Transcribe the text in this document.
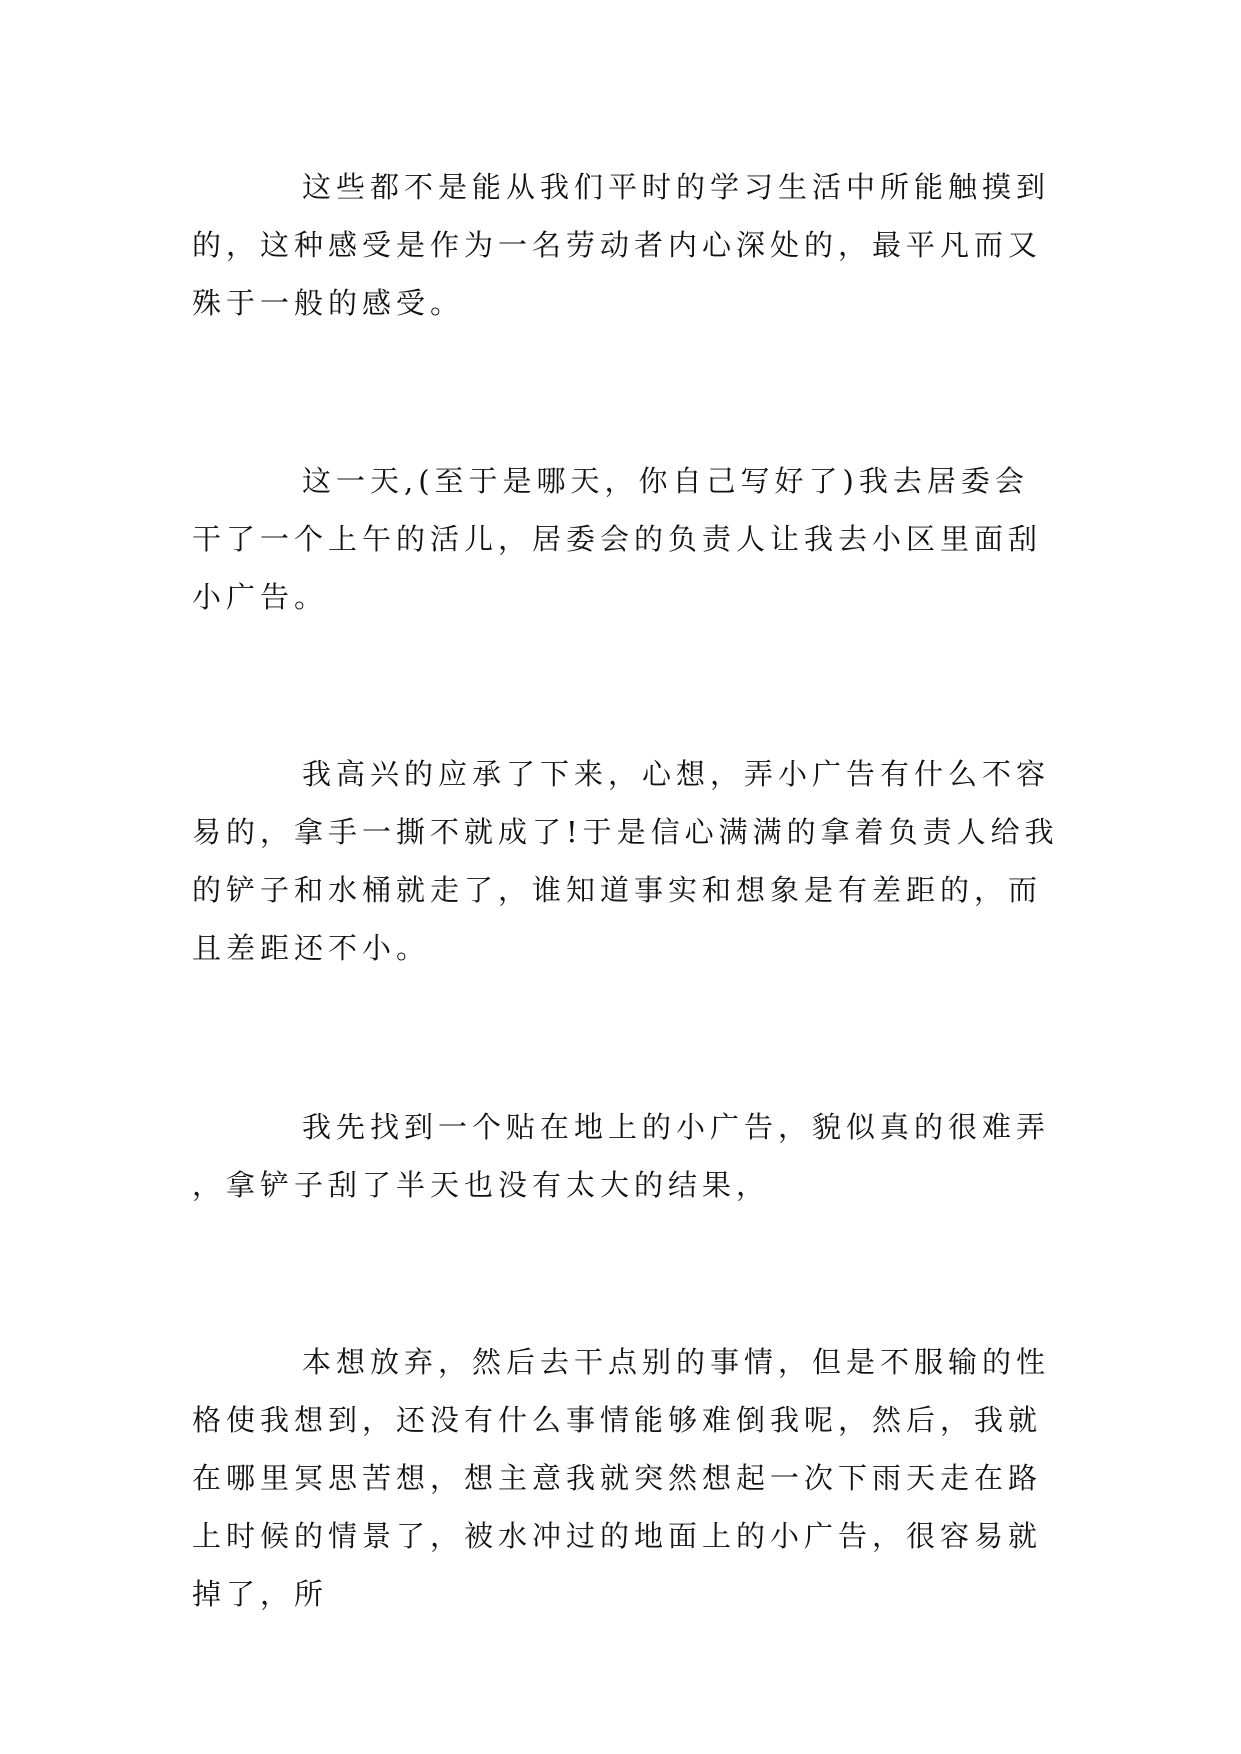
这些都不是能从我们平时的学习生活中所能触摸到的，这种感受是作为一名劳动者内心深处的，最平凡而又殊于一般的感受。

这一天,(至于是哪天，你自己写好了)我去居委会干了一个上午的活儿，居委会的负责人让我去小区里面刮小广告。

我高兴的应承了下来，心想，弄小广告有什么不容易的，拿手一撕不就成了!于是信心满满的拿着负责人给我的铲子和水桶就走了，谁知道事实和想象是有差距的，而且差距还不小。

我先找到一个贴在地上的小广告，貌似真的很难弄，拿铲子刮了半天也没有太大的结果，

本想放弃，然后去干点别的事情，但是不服输的性格使我想到，还没有什么事情能够难倒我呢，然后，我就在哪里冥思苦想，想主意我就突然想起一次下雨天走在路上时候的情景了，被水冲过的地面上的小广告，很容易就掉了，所
